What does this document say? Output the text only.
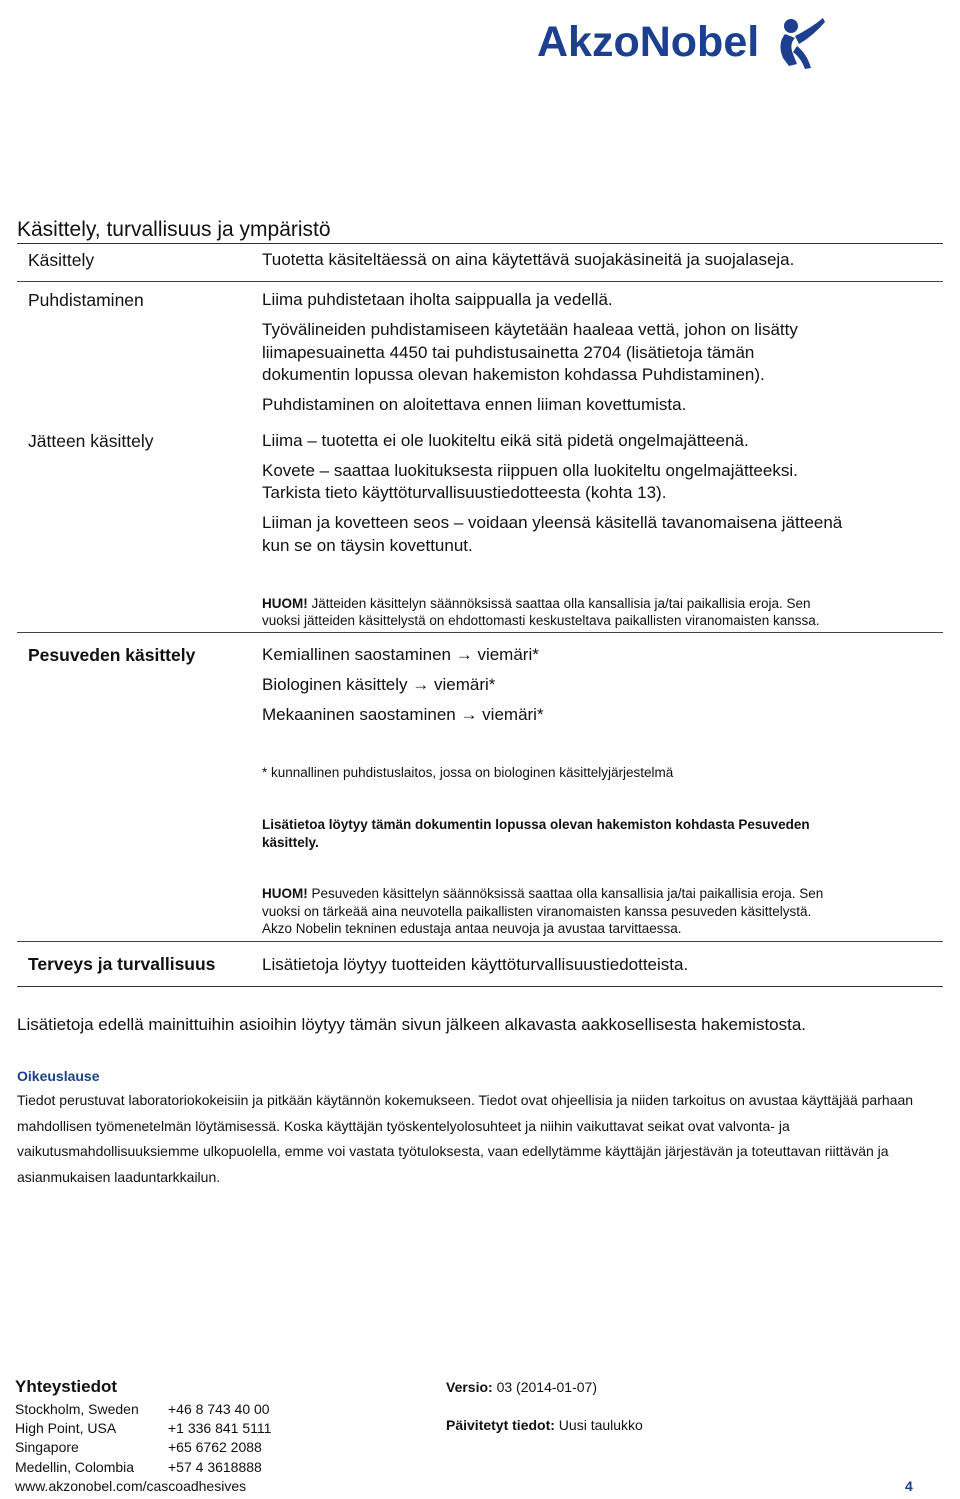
AkzoNobel
Käsittely, turvallisuus ja ympäristö
Käsittely	Tuotetta käsiteltäessä on aina käytettävä suojakäsineitä ja suojalaseja.
Puhdistaminen	Liima puhdistetaan iholta saippualla ja vedellä.
Työvälineiden puhdistamiseen käytetään haaleaa vettä, johon on lisätty
liimapesuainetta 4450 tai puhdistusainetta 2704 (lisätietoja tämän
dokumentin lopussa olevan hakemiston kohdassa Puhdistaminen).
Puhdistaminen on aloitettava ennen liiman kovettumista.
Jätteen käsittely	Liima – tuotetta ei ole luokiteltu eikä sitä pidetä ongelmajätteenä.
Kovete – saattaa luokituksesta riippuen olla luokiteltu ongelmajätteeksi.
Tarkista tieto käyttöturvallisuustiedotteesta (kohta 13).
Liiman ja kovetteen seos – voidaan yleensä käsitellä tavanomaisena jätteenä
kun se on täysin kovettunut.
HUOM! Jätteiden käsittelyn säännöksissä saattaa olla kansallisia ja/tai paikallisia eroja. Sen
vuoksi jätteiden käsittelystä on ehdottomasti keskusteltava paikallisten viranomaisten kanssa.
Pesuveden käsittely	Kemiallinen saostaminen → viemäri*
Biologinen käsittely → viemäri*
Mekaaninen saostaminen → viemäri*
* kunnallinen puhdistuslaitos, jossa on biologinen käsittelyjärjestelmä
Lisätietoa löytyy tämän dokumentin lopussa olevan hakemiston kohdasta Pesuveden
käsittely.
HUOM! Pesuveden käsittelyn säännöksissä saattaa olla kansallisia ja/tai paikallisia eroja. Sen
vuoksi on tärkeää aina neuvotella paikallisten viranomaisten kanssa pesuveden käsittelystä.
Akzo Nobelin tekninen edustaja antaa neuvoja ja avustaa tarvittaessa.
Terveys ja turvallisuus	Lisätietoja löytyy tuotteiden käyttöturvallisuustiedotteista.
Lisätietoja edellä mainittuihin asioihin löytyy tämän sivun jälkeen alkavasta aakkosellisesta hakemistosta.
Oikeuslause
Tiedot perustuvat laboratoriokokeisiin ja pitkään käytännön kokemukseen. Tiedot ovat ohjeellisia ja niiden tarkoitus on avustaa käyttäjää parhaan mahdollisen työmenetelmän löytämisessä. Koska käyttäjän työskentelyolosuhteet ja niihin vaikuttavat seikat ovat valvonta- ja vaikutusmahdollisuuksiemme ulkopuolella, emme voi vastata työtuloksesta, vaan edellytämme käyttäjän järjestävän ja toteuttavan riittävän ja asianmukaisen laaduntarkkailun.
Yhteystiedot
Stockholm, Sweden +46 8 743 40 00
High Point, USA	+1 336 841 5111
Singapore	+65 6762 2088
Medellin, Colombia +57 4 3618888
www.akzonobel.com/cascoadhesives
Versio: 03 (2014-01-07)
Päivitetyt tiedot: Uusi taulukko
4
